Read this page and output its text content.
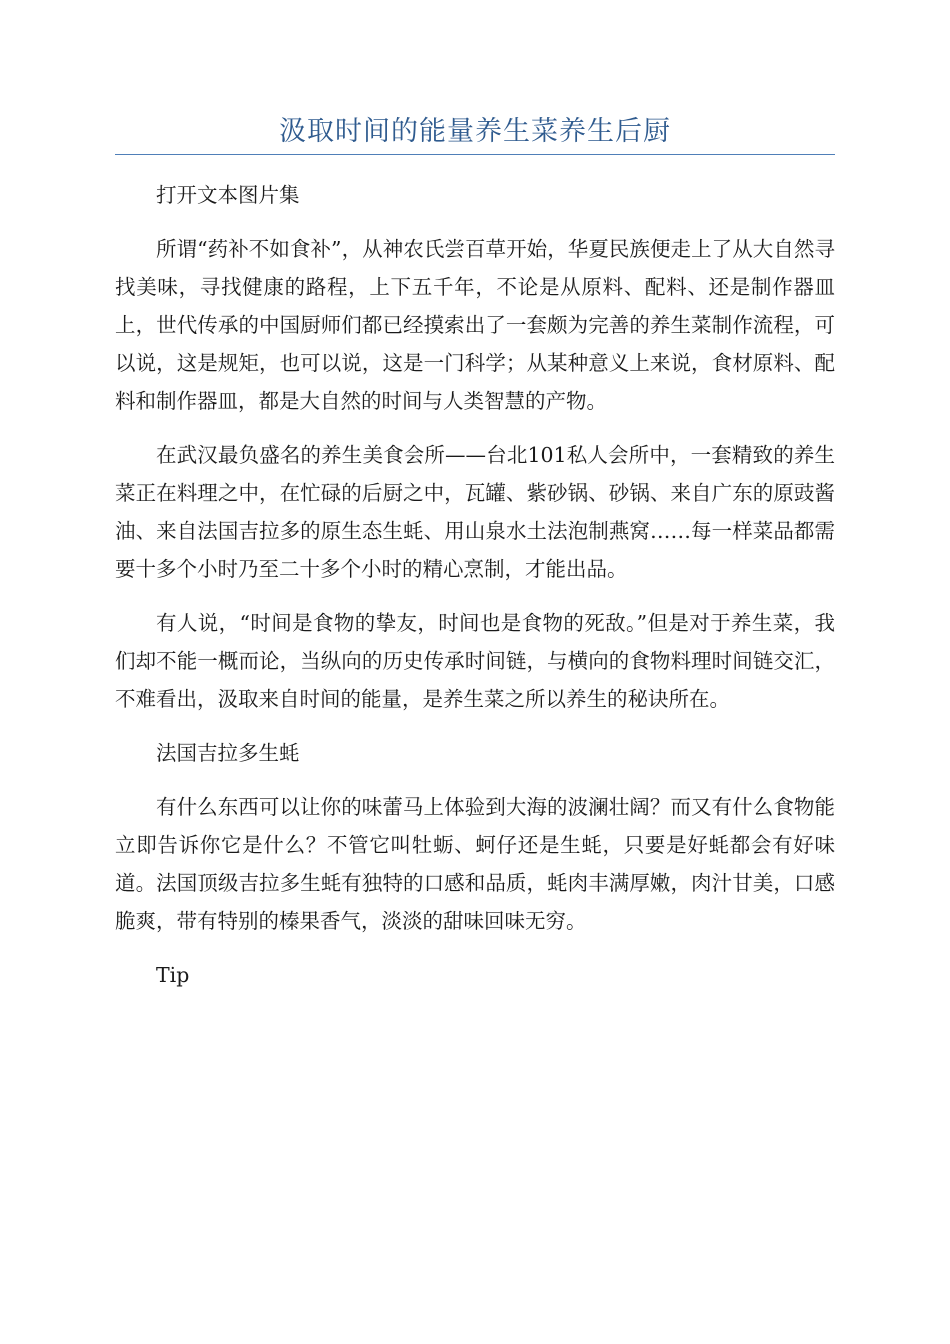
汲取时间的能量养生菜养生后厨

打开文本图片集

所谓“药补不如食补”，从神农氏尝百草开始，华夏民族便走上了从大自然寻找美味，寻找健康的路程，上下五千年，不论是从原料、配料、还是制作器皿上，世代传承的中国厨师们都已经摸索出了一套颇为完善的养生菜制作流程，可以说，这是规矩，也可以说，这是一门科学；从某种意义上来说，食材原料、配料和制作器皿，都是大自然的时间与人类智慧的产物。

在武汉最负盛名的养生美食会所——台北101私人会所中，一套精致的养生菜正在料理之中，在忙碌的后厨之中，瓦罐、紫砂锅、砂锅、来自广东的原豉酱油、来自法国吉拉多的原生态生蚝、用山泉水土法泡制燕窝……每一样菜品都需要十多个小时乃至二十多个小时的精心烹制，才能出品。

有人说，“时间是食物的挚友，时间也是食物的死敌。”但是对于养生菜，我们却不能一概而论，当纵向的历史传承时间链，与横向的食物料理时间链交汇，不难看出，汲取来自时间的能量，是养生菜之所以养生的秘诀所在。

法国吉拉多生蚝

有什么东西可以让你的味蕾马上体验到大海的波澜壮阔？而又有什么食物能立即告诉你它是什么？不管它叫牡蛎、蚵仔还是生蚝，只要是好蚝都会有好味道。法国顶级吉拉多生蚝有独特的口感和品质，蚝肉丰满厚嫩，肉汁甘美，口感脆爽，带有特别的榛果香气，淡淡的甜味回味无穷。

Tip
